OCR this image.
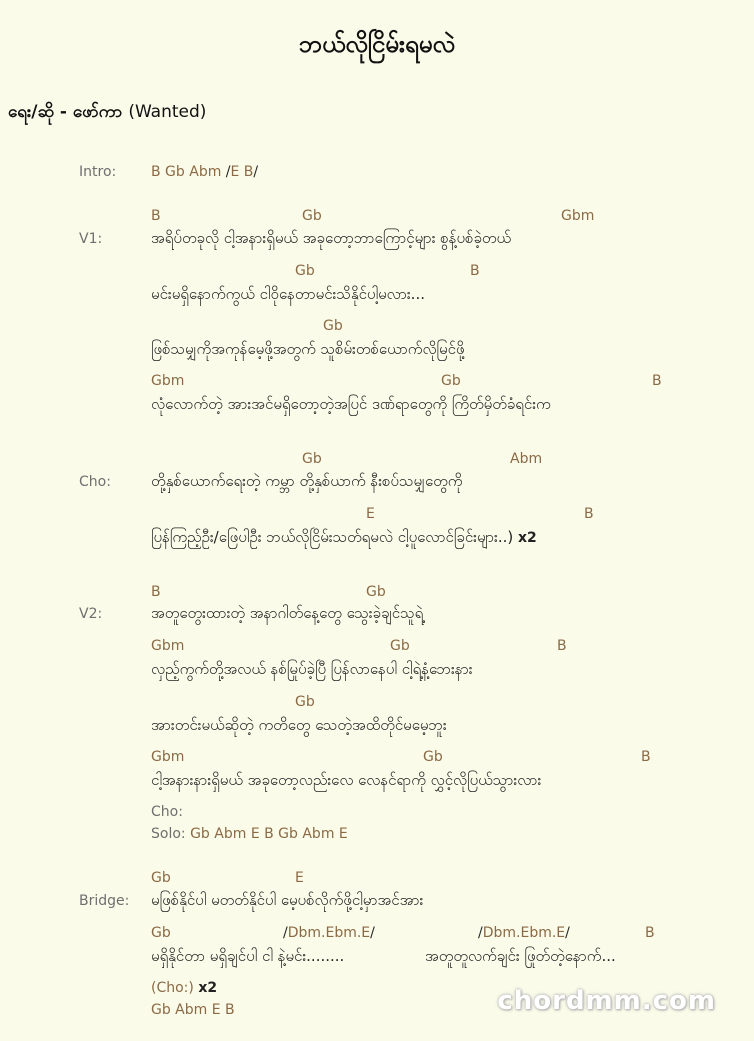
ဘယ်လိုငြိမ်းရမလဲ
ရေး/ဆို - ဖော်ကာ (Wanted)
Intro: B Gb Abm /E B/
B	Gb	Gbm
V1:	အရိပ်တခုလို ငါ့အနားရှိမယ် အခုတော့ဘာကြောင့်များ စွန့်ပစ်ခဲ့တယ်
Gb	B
မင်းမရှိနောက်ကွယ် ငါဝိုနေတာမင်းသိနိုင်ပါ့မလား...
Gb
ဖြစ်သမျှကိုအကုန်မေ့ဖို့အတွက် သူစိမ်းတစ်ယောက်လိုမြင်ဖို့
Gbm	Gb	B
လုံလောက်တဲ့ အားအင်မရှိတော့တဲ့အပြင် ဒဏ်ရာတွေကို ကြိတ်မှိတ်ခံရင်းက
Gb	Abm
Cho:	တို့နှစ်ယောက်ရေးတဲ့ ကမ္ဘာ တို့နှစ်ယာက် နီးစပ်သမျှတွေကို
E	B
ပြန်ကြည့်ဦး/ဖြေပါဦး ဘယ်လိုငြိမ်းသတ်ရမလဲ ငါ့ပူလောင်ခြင်းများ..) x2
B	Gb
V2:	အတူတွေးထားတဲ့ အနာဂါတ်နေ့တွေ သွေးခဲ့ချင်သူရဲ့
Gbm	Gb	B
လှည့်ကွက်တို့အလယ် နစ်မြုပ်ခဲ့ပြီ ပြန်လာနေပါ ငါ့ရဲ့နံ့ဘေးနား
Gb
အားတင်းမယ်ဆိုတဲ့ ကတိတွေ သေတဲ့အထိတိုင်မမေ့ဘူး
Gbm	Gb	B
ငါ့အနားနားရှိမယ် အခုတော့လည်းလေ လေနင်ရာကို လွှင့်လိုပြယ်သွားလား
Cho:
Solo: Gb Abm E B Gb Abm E
Gb	E
Bridge: မဖြစ်နိုင်ပါ မတတ်နိုင်ပါ မေ့ပစ်လိုက်ဖို့ငါ့မှာအင်အား
Gb	/Dbm.Ebm.E/	/Dbm.Ebm.E/	B
မရှိနိုင်တာ မရှိချင်ပါ ငါ နဲ့မင်း........	အတူတူလက်ချင်း ဖြုတ်တဲ့နောက်...
(Cho:) x2
Gb Abm E B	chordmm.com
